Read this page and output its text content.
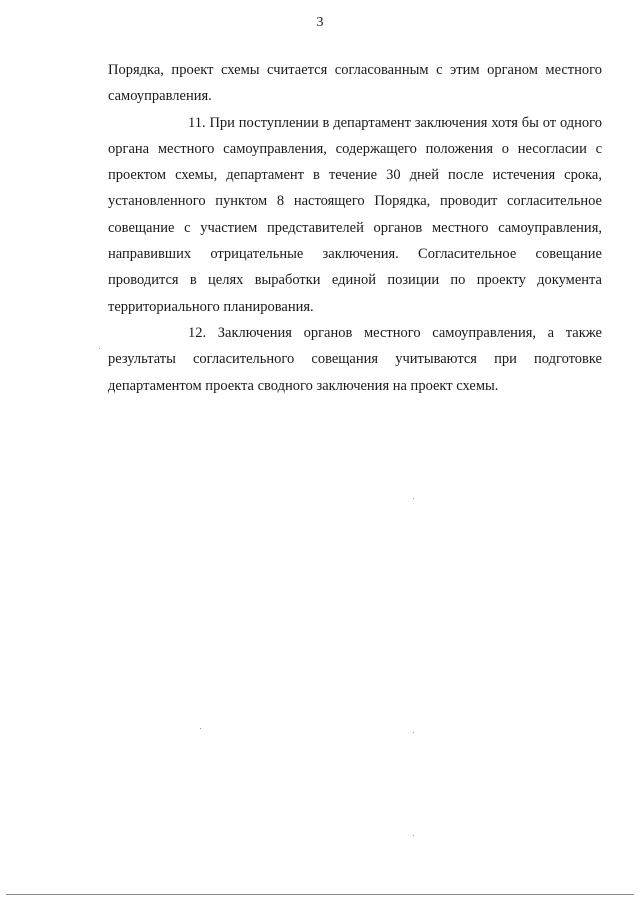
3

Порядка, проект схемы считается согласованным с этим органом местного самоуправления.

11. При поступлении в департамент заключения хотя бы от одного органа местного самоуправления, содержащего положения о несогласии с проектом схемы, департамент в течение 30 дней после истечения срока, установленного пунктом 8 настоящего Порядка, проводит согласительное совещание с участием представителей органов местного самоуправления, направивших отрицательные заключения. Согласительное совещание проводится в целях выработки единой позиции по проекту документа территориального планирования.

12. Заключения органов местного самоуправления, а также результаты согласительного совещания учитываются при подготовке департаментом проекта сводного заключения на проект схемы.
